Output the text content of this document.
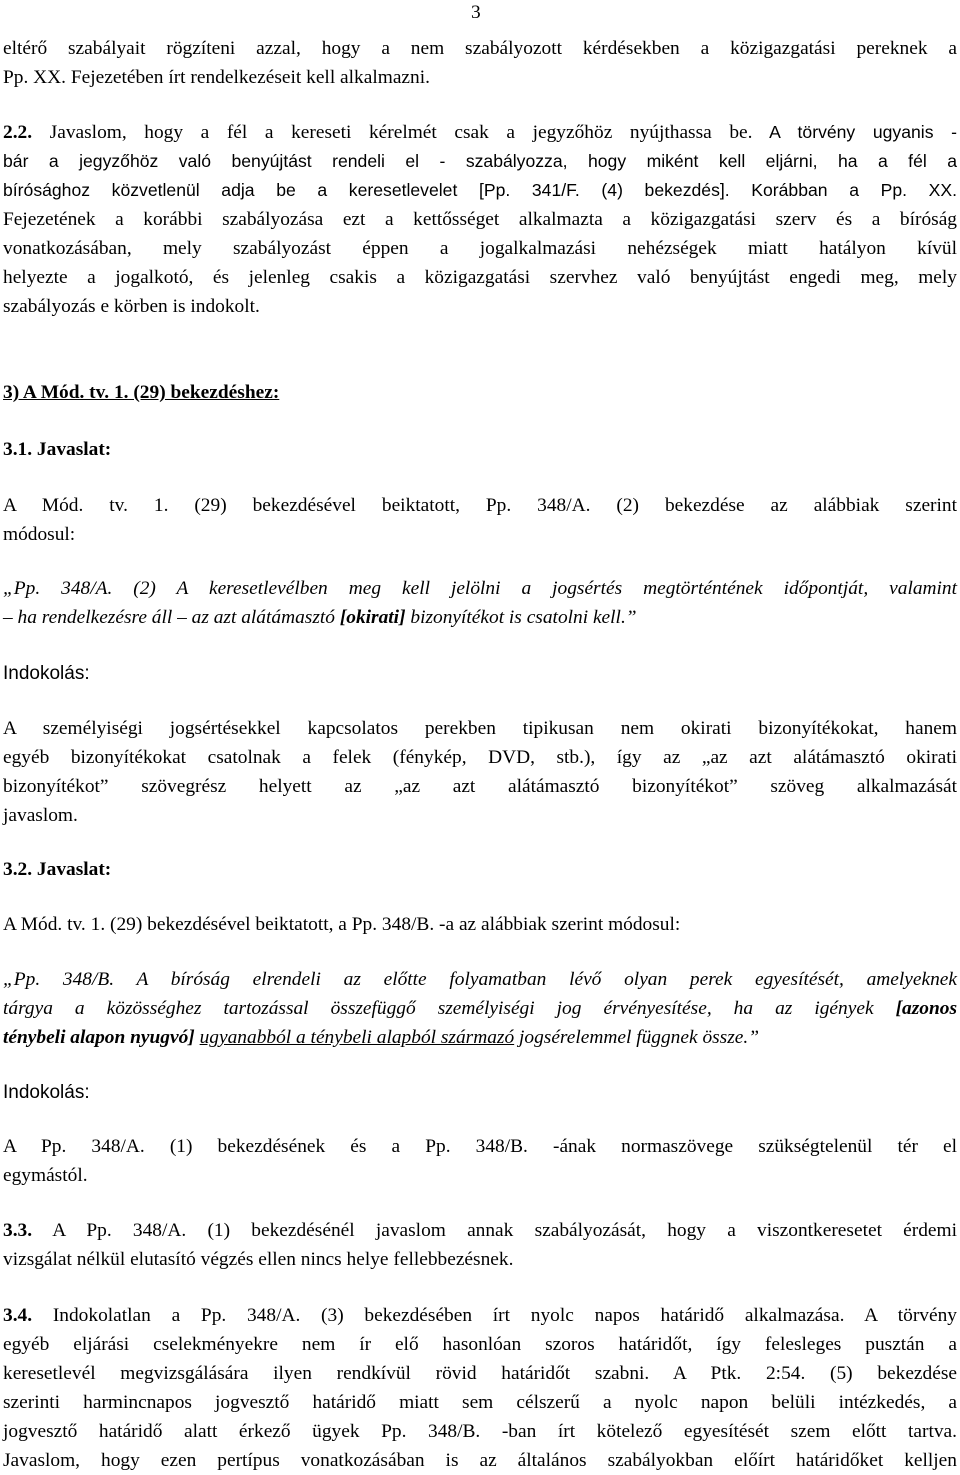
3
eltérő szabályait rögzíteni azzal, hogy a nem szabályozott kérdésekben a közigazgatási pereknek a
Pp. XX. Fejezetében írt rendelkezéseit kell alkalmazni.
2.2. Javaslom, hogy a fél a kereseti kérelmét csak a jegyzőhöz nyújthassa be. A törvény ugyanis -
bár a jegyzőhöz való benyújtást rendeli el - szabályozza, hogy miként kell eljárni, ha a fél a
bírósághoz közvetlenül adja be a keresetlevelet [Pp. 341/F. (4) bekezdés]. Korábban a Pp. XX.
Fejezetének a korábbi szabályozása ezt a kettősséget alkalmazta a közigazgatási szerv és a bíróság
vonatkozásában, mely szabályozást éppen a jogalkalmazási nehézségek miatt hatályon kívül
helyezte a jogalkotó, és jelenleg csakis a közigazgatási szervhez való benyújtást engedi meg, mely
szabályozás e körben is indokolt.
3) A Mód. tv. 1. (29) bekezdéshez:
3.1. Javaslat:
A Mód. tv. 1. (29) bekezdésével beiktatott, Pp. 348/A. (2) bekezdése az alábbiak szerint
módosul:
„Pp. 348/A. (2) A keresetlevélben meg kell jelölni a jogsértés megtörténtének időpontját, valamint
– ha rendelkezésre áll – az azt alátámasztó [okirati] bizonyítékot is csatolni kell.”
Indokolás:
A személyiségi jogsértésekkel kapcsolatos perekben tipikusan nem okirati bizonyítékokat, hanem
egyéb bizonyítékokat csatolnak a felek (fénykép, DVD, stb.), így az „az azt alátámasztó okirati
bizonyítékot” szövegrész helyett az „az azt alátámasztó bizonyítékot” szöveg alkalmazását
javaslom.
3.2. Javaslat:
A Mód. tv. 1. (29) bekezdésével beiktatott, a Pp. 348/B. -a az alábbiak szerint módosul:
„Pp. 348/B. A bíróság elrendeli az előtte folyamatban lévő olyan perek egyesítését, amelyeknek
tárgya a közösséghez tartozással összefüggő személyiségi jog érvényesítése, ha az igények [azonos
ténybeli alapon nyugvó] ugyanabból a ténybeli alapból származó jogsérelemmel függnek össze.”
Indokolás:
A Pp. 348/A. (1) bekezdésének és a Pp. 348/B. -ának normaszövege szükségtelenül tér el
egymástól.
3.3. A Pp. 348/A. (1) bekezdésénél javaslom annak szabályozását, hogy a viszontkeresetet érdemi
vizsgálat nélkül elutasító végzés ellen nincs helye fellebbezésnek.
3.4. Indokolatlan a Pp. 348/A. (3) bekezdésében írt nyolc napos határidő alkalmazása. A törvény
egyéb eljárási cselekményekre nem ír elő hasonlóan szoros határidőt, így felesleges pusztán a
keresetlevél megvizsgálására ilyen rendkívül rövid határidőt szabni. A Ptk. 2:54. (5) bekezdése
szerinti harmincnapos jogvesztő határidő miatt sem célszerű a nyolc napon belüli intézkedés, a
jogvesztő határidő alatt érkező ügyek Pp. 348/B. -ban írt kötelező egyesítését szem előtt tartva.
Javaslom, hogy ezen pertípus vonatkozásában is az általános szabályokban előírt határidőket kelljen
